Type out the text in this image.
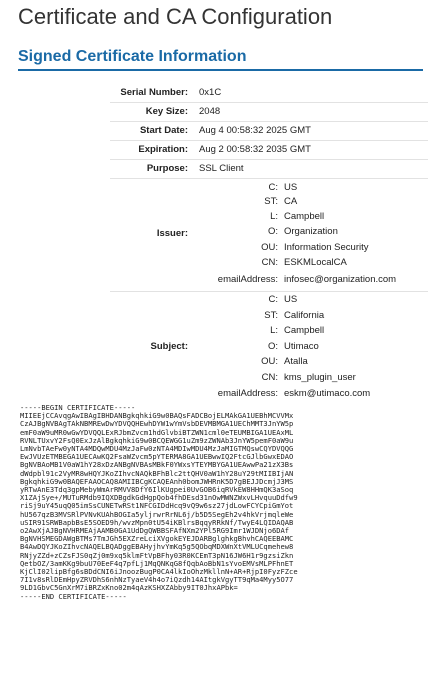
Certificate and CA Configuration
Signed Certificate Information
Serial Number: 0x1C
Key Size: 2048
Start Date: Aug 4 00:58:32 2025 GMT
Expiration: Aug 2 00:58:32 2035 GMT
Purpose: SSL Client
Issuer:
C: US
ST: CA
L: Campbell
O: Organization
OU: Information Security
CN: ESKMLocalCA
emailAddress: infosec@organization.com
Subject:
C: US
ST: California
L: Campbell
O: Utimaco
OU: Atalla
CN: kms_plugin_user
emailAddress: eskm@utimaco.com
-----BEGIN CERTIFICATE-----
MIIEEjCCAvqgAwIBAgIBHDANBgkqhkiG9w0BAQsFADCBojELMAkGA1UEBhMCVVMx
CzAJBgNVBAgTAkNBMREwDwYDVQQHEwhDYW1wYmVsbDEVMBMGA1UEChMMT3JnYW5p
emF0aW9uMR0wGwYDVQQLExRJbmZvcm1hdGlvbiBTZWN1cml0eTEUMBIGA1UEAxML
RVNLTUxvY2FsQ0ExJzAlBgkqhkiG9w0BCQEWGG1uZm9zZWNAb3JnYW5pemF0aW9u
LmNvbTAeFw0yNTA4MDQwMDU4MzJaFw0zNTA4MDIwMDU4MzJaMIGTMQswCQYDVQQG
EwJVUzETMBEGA1UECAwKQ2FsaWZvcm5pYTERMA8GA1UEBwwIQ2FtcGJlbGwxEDAO
BgNVBAoMB1V0aW1hY28xDzANBgNVBAsMBkF0YWxsYTEYMBYGA1UEAwwPa21zX3Bs
dWdpbl91c2VyMR8wHQYJKoZIhvcNAQkBFhBlc2ttQHV0aW1hY28uY29tMIIBIjAN
BgkqhkiG9w0BAQEFAAOCAQ8AMIIBCgKCAQEAnh0bomJWHRnK5D7gBEJJDcmjJ3MS
yRTwAnE3Tdq3gpMebyWmArRMVV8DfY6IlKUgpei0UvGOB6iqRVkEW8HHmQK3aSoq
X1ZAjSye+/MUTuRMdb9IQXDBgdkGdHgpQob4fhDEsd31nOwMWNZWxvLHvquuDdfw9
riSj9uY45uqQ05imSsCUNETwRSt1NFCGIDdHcq9vQ9w6sz27jdLowFCYCpiGmYot
hU567qzB3MVSRlPVNvKUAhBOGIa5yljrwrRrNL6j/b5D5SegEh2v4hkVrjmqleWe
uSIR91SRWBapbBsE5SOED9h/wvzMpn0tU54iKBlrsBqqyRRkNf/TwyE4LQIDAQAB
o2AwXjAJBgNVHRMEAjAAMB0GA1UdDgQWBBSFAfNXm2YPl5RG9Imr1WJDNjo6DAf
BgNVHSMEGDAWgBTMs7TmJGh5EXZreLciXVgokEYEJDARBglghkgBhvhCAQEEBAMC
B4AwDQYJKoZIhvcNAQELBQADggEBAHyjhvYmKq5g5QObqMDXWnXtVMLUCqmehew8
RNjyZZd+zCZsFJS0qZj0m9xq5klmFtVpBFhy03R0KCEmT3pN16JW6H1r9gzsiZkn
QetbOZ/3amKKg9buU70EeF4q7pfLj1MqQNKqG8fQqbAoBbN1sYvoEMVsMLPFhnET
KjClI02lipBfg6sBDdCNI6iJnoozBugP0CA4lkIoOhzMkllnN+AR+RjpI0FyzFZce
7I1v8sRlDEmHpyZRVDhS6nhNzTyaeV4h4o7iQzdh14AItgkVgyTT9qMa4Myy5O77
9LD1GbvC5GnXrM7iBRZxKno02m4qAzKSHXZAbby9IT0JhxAPbk=
-----END CERTIFICATE-----
